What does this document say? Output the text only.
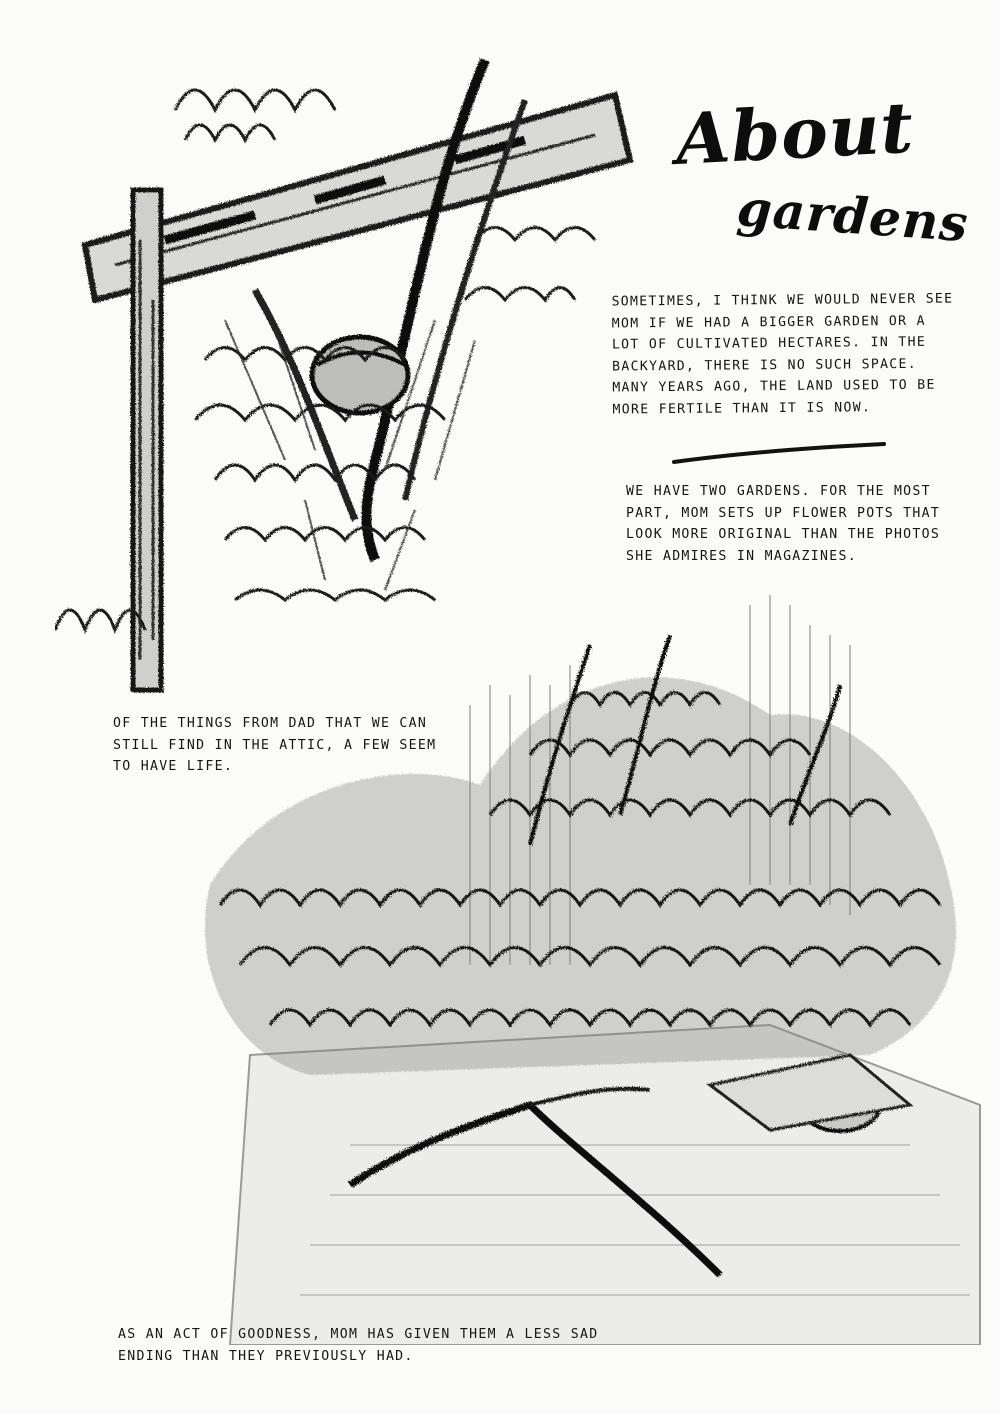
About
gardens
SOMETIMES, I THINK WE WOULD NEVER SEE MOM IF WE HAD A BIGGER GARDEN OR A LOT OF CULTIVATED HECTARES. IN THE BACKYARD, THERE IS NO SUCH SPACE. MANY YEARS AGO, THE LAND USED TO BE MORE FERTILE THAN IT IS NOW.
WE HAVE TWO GARDENS. FOR THE MOST PART, MOM SETS UP FLOWER POTS THAT LOOK MORE ORIGINAL THAN THE PHOTOS SHE ADMIRES IN MAGAZINES.
OF THE THINGS FROM DAD THAT WE CAN STILL FIND IN THE ATTIC, A FEW SEEM TO HAVE LIFE.
AS AN ACT OF GOODNESS, MOM HAS GIVEN THEM A LESS SAD ENDING THAN THEY PREVIOUSLY HAD.
